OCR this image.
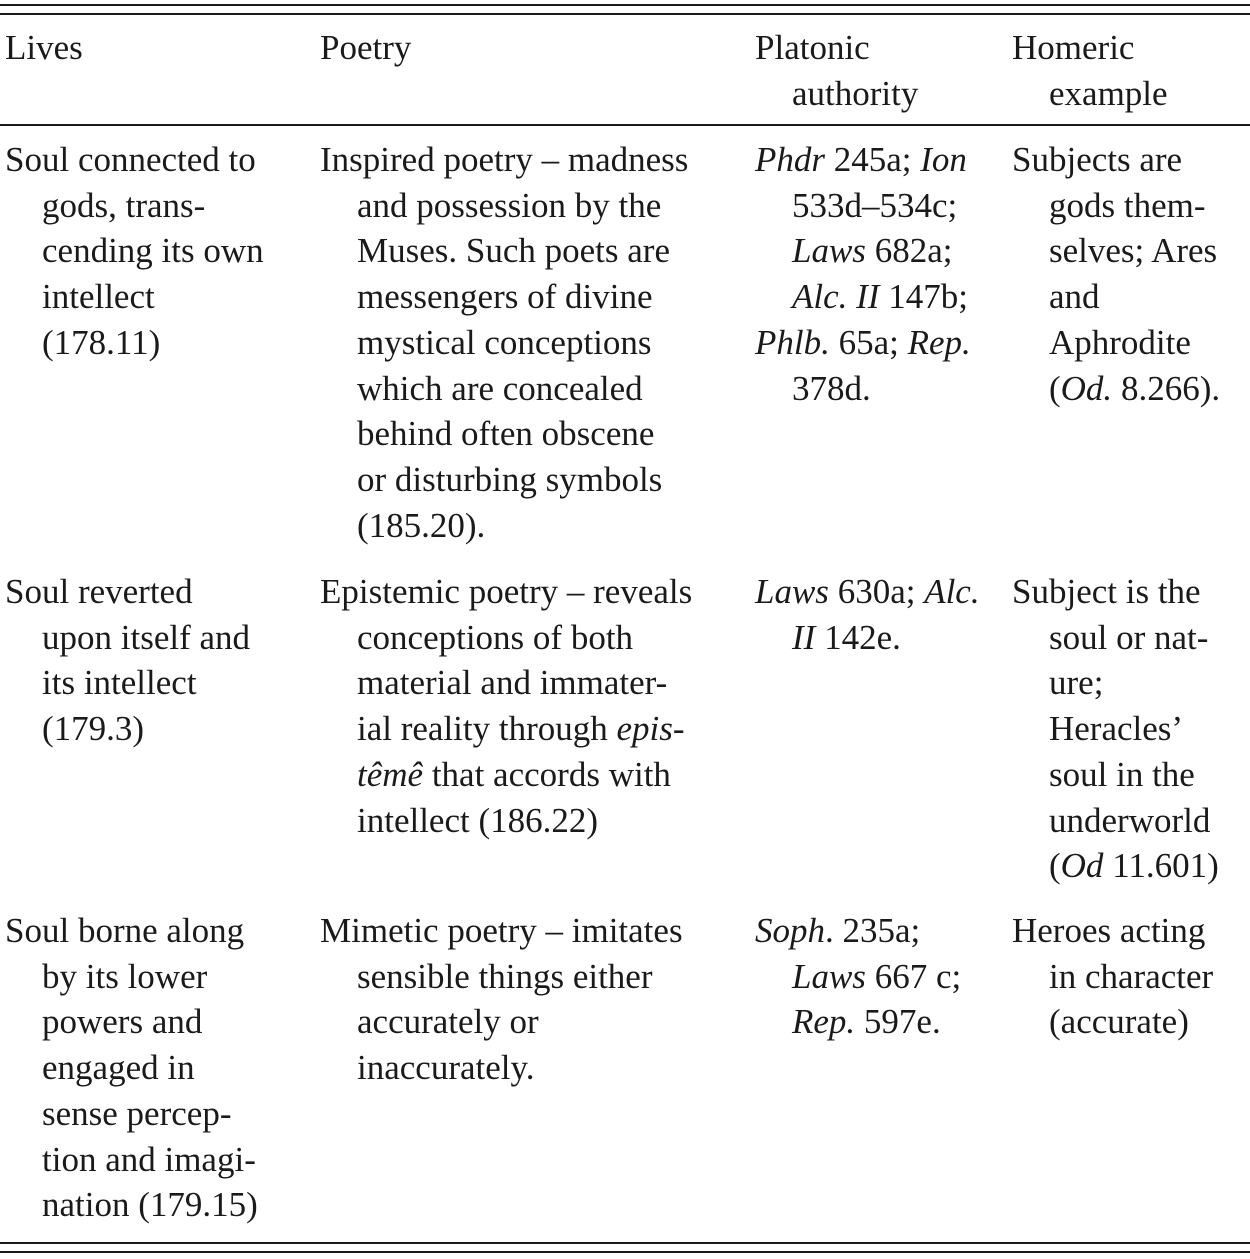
Lives	Poetry	Platonic
authority
Homeric
example
Soul connected to
gods, trans-
cending its own
intellect
(178.11)
Inspired poetry – madness
and possession by the
Muses. Such poets are
messengers of divine
mystical conceptions
which are concealed
behind often obscene
or disturbing symbols
(185.20).
Phdr 245a; Ion
533d–534c;
Laws 682a;
Alc. II 147b;
Phlb. 65a; Rep.
378d.
Subjects are
gods them-
selves; Ares
and
Aphrodite
(Od. 8.266).
Soul reverted
upon itself and
its intellect
(179.3)
Epistemic poetry – reveals
conceptions of both
material and immater-
ial reality through epis-
têmê that accords with
intellect (186.22)
Laws 630a; Alc.
II 142e.
Subject is the
soul or nat-
ure;
Heracles’
soul in the
underworld
(Od 11.601)
Soul borne along
by its lower
powers and
engaged in
sense percep-
tion and imagi-
nation (179.15)
Mimetic poetry – imitates
sensible things either
accurately or
inaccurately.
Soph. 235a;
Laws 667 c;
Rep. 597e.
Heroes acting
in character
(accurate)
